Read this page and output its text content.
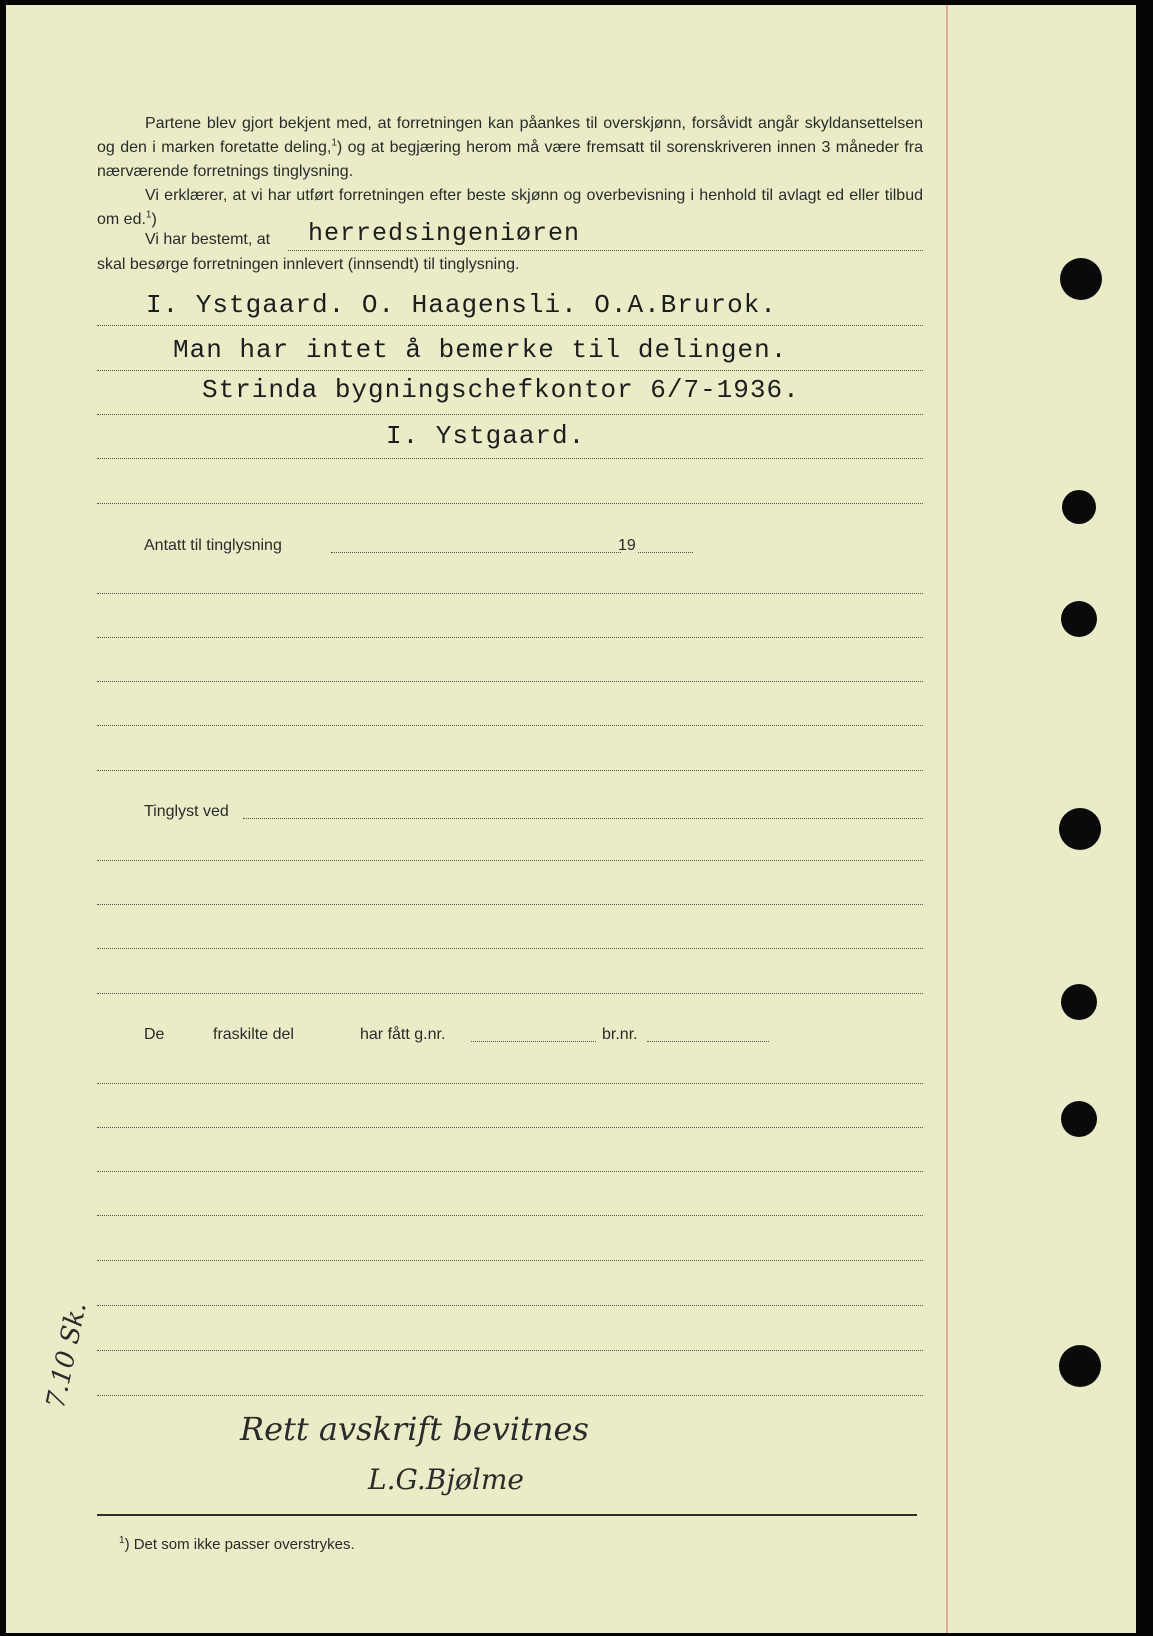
Partene blev gjort bekjent med, at forretningen kan påankes til overskjønn, forsåvidt angår skyldansettelsen og den i marken foretatte deling,$^1$) og at begjæring herom må være fremsatt til sorenskriveren innen 3 måneder fra nærværende forretnings tinglysning.

Vi erklærer, at vi har utført forretningen efter beste skjønn og overbevisning i henhold til avlagt ed eller tilbud om ed.$^1$)

Vi har bestemt, at herredsingeniøren
skal besørge forretningen innlevert (innsendt) til tinglysning.
I. Ystgaard. O. Haagensli. O.A.Brurok.
Man har intet å bemerke til delingen.
Strinda bygningschefkontor 6/7-1936.
I. Ystgaard.
Antatt til tinglysning	19
Tinglyst ved
De	fraskilte del	har fått g.nr.	br.nr.
Rett avskrift bevitnes
L.G.Bjølme
7.10 Sk.
$^1$) Det som ikke passer overstrykes.
